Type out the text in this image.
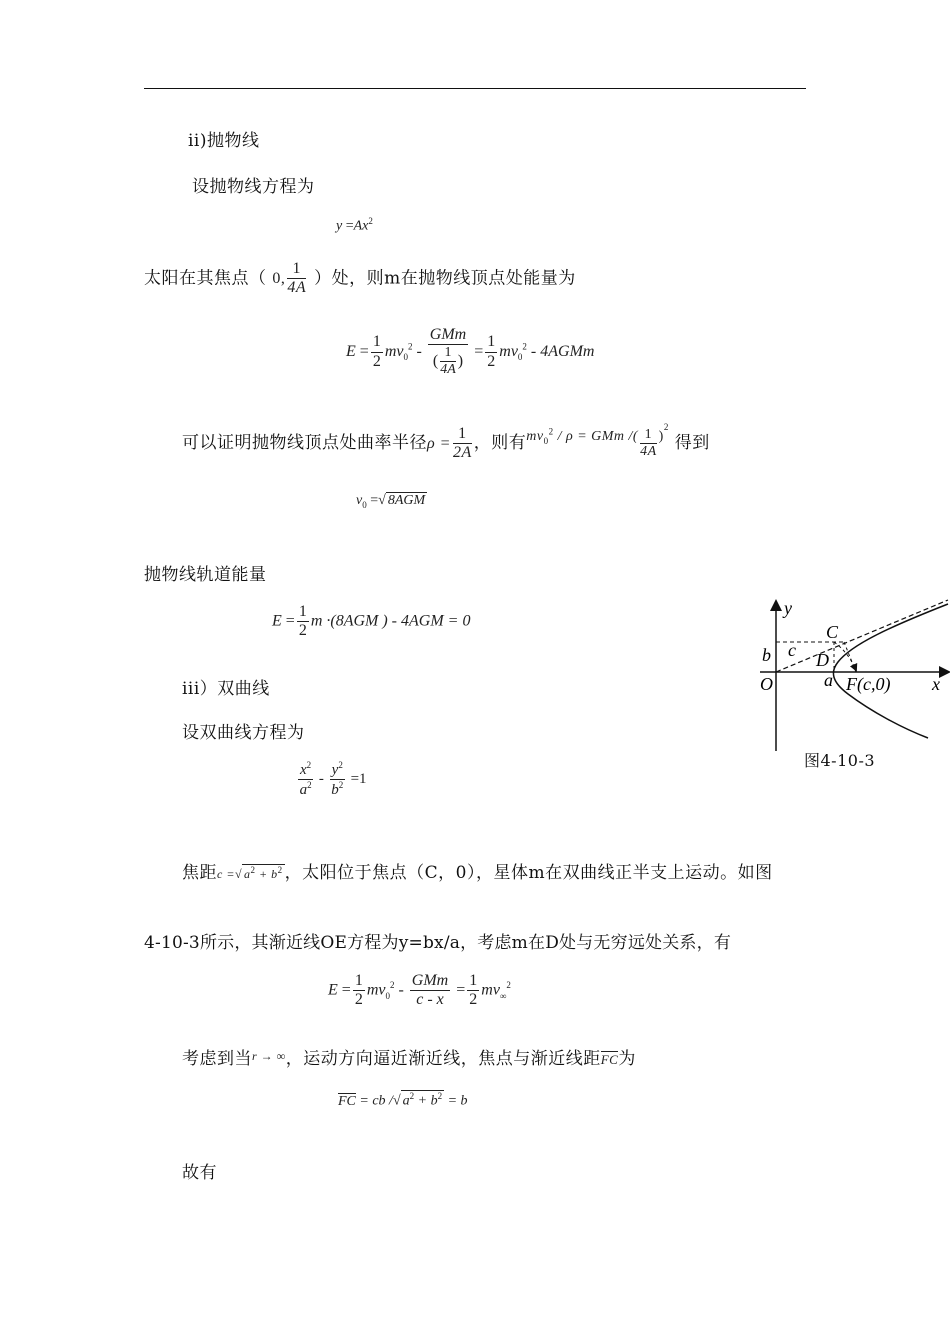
ii)抛物线
设抛物线方程为
$y =Ax^2$
太阳在其焦点（ 0, $\frac{1}{4A}$ ）处，则m在抛物线顶点处能量为
$E = \frac{1}{2} mv_0^2$ -
GMm
( $\frac{1}{4A}$ )
= $\frac{1}{2} mv_0^2$ - 4AGMm
可以证明抛物线顶点处曲率半径$\rho = \frac{1}{2A}$ ，则有$^{mv_0^2 / \rho = GMm /(} \frac{1}{4A} ^{)2}$ 得到
$v_0$ =√ 8AGM
抛物线轨道能量
$E = \frac{1}{2}$ m ·(8AGM ) - 4AGM = 0
iii）双曲线
设双曲线方程为
$\frac{x^2}{a^2} - \frac{y^2}{b^2} =1$
焦距c =√ $a^2 + b^2$ ，太阳位于焦点（C，0），星体m在双曲线正半支上运动。如图
4-10-3所示，其渐近线OE方程为y=bx/a，考虑m在D处与无穷远处关系，有
$E = \frac{1}{2} mv_0^2$ -
GMm
c - x
= $\frac{1}{2} mv_\infty^2$
考虑到当$^{r \to \infty}$，运动方向逼近渐近线，焦点与渐近线距FC为
FC = cb /√ $a^2 + b^2 = b$
故有
y
x
O
b c
C
D
a F(c,0)
图4-10-3
